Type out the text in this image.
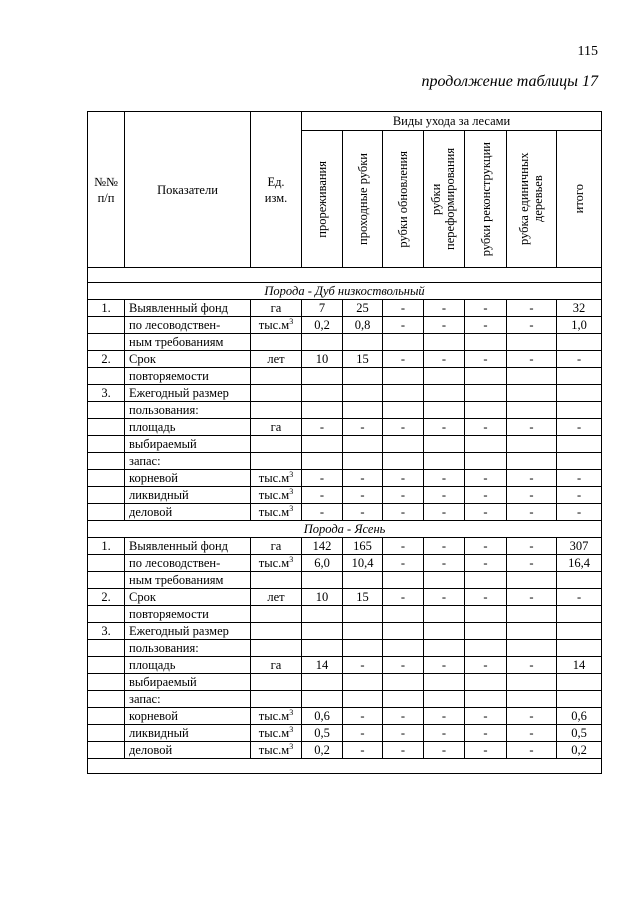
115
продолжение таблицы 17
№№ п/п	Показатели	Ед. изм.	Виды ухода за лесами						

			прореживания	проходные рубки	рубки обновления	рубки переформирования	рубки реконструкции	рубка единичных деревьев	итого

Порода - Дуб низкоствольный									
1.	Выявленный фонд	га	7	25	-	-	-	-	32
	по лесоводствен-	$тыс.м^3$	0,2	0,8	-	-	-	-	1,0
	ным требованиям								
2.	Срок	лет	10	15	-	-	-	-	-
	повторяемости								
3.	Ежегодный размер								
	пользования:								
	площадь	га	-	-	-	-	-	-	-
	выбираемый								
	запас:								
	корневой	$тыс.м^3$	-	-	-	-	-	-	-
	ликвидный	$тыс.м^3$	-	-	-	-	-	-	-
	деловой	$тыс.м^3$	-	-	-	-	-	-	-
Порода - Ясень									
1.	Выявленный фонд	га	142	165	-	-	-	-	307
	по лесоводствен-	$тыс.м^3$	6,0	10,4	-	-	-	-	16,4
	ным требованиям								
2.	Срок	лет	10	15	-	-	-	-	-
	повторяемости								
3.	Ежегодный размер								
	пользования:								
	площадь	га	14	-	-	-	-	-	14
	выбираемый								
	запас:								
	корневой	$тыс.м^3$	0,6	-	-	-	-	-	0,6
	ликвидный	$тыс.м^3$	0,5	-	-	-	-	-	0,5
	деловой	$тыс.м^3$	0,2	-	-	-	-	-	0,2
